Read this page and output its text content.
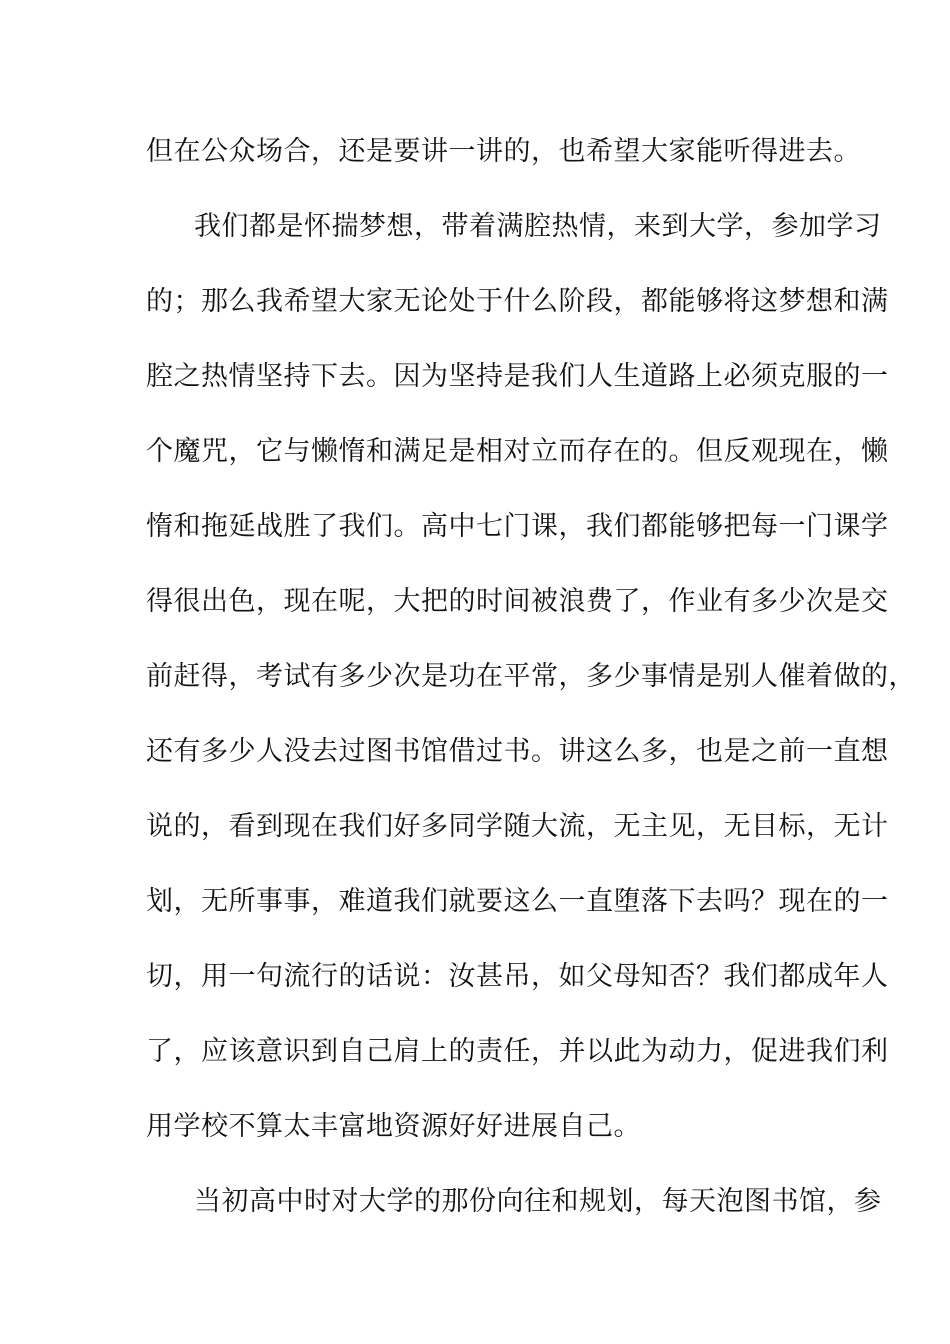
但在公众场合，还是要讲一讲的，也希望大家能听得进去。
我们都是怀揣梦想，带着满腔热情，来到大学，参加学习
的；那么我希望大家无论处于什么阶段，都能够将这梦想和满
腔之热情坚持下去。因为坚持是我们人生道路上必须克服的一
个魔咒，它与懒惰和满足是相对立而存在的。但反观现在，懒
惰和拖延战胜了我们。高中七门课，我们都能够把每一门课学
得很出色，现在呢，大把的时间被浪费了，作业有多少次是交
前赶得，考试有多少次是功在平常，多少事情是别人催着做的，
还有多少人没去过图书馆借过书。讲这么多，也是之前一直想
说的，看到现在我们好多同学随大流，无主见，无目标，无计
划，无所事事，难道我们就要这么一直堕落下去吗？现在的一
切，用一句流行的话说：汝甚吊，如父母知否？我们都成年人
了，应该意识到自己肩上的责任，并以此为动力，促进我们利
用学校不算太丰富地资源好好进展自己。
当初高中时对大学的那份向往和规划，每天泡图书馆，参
